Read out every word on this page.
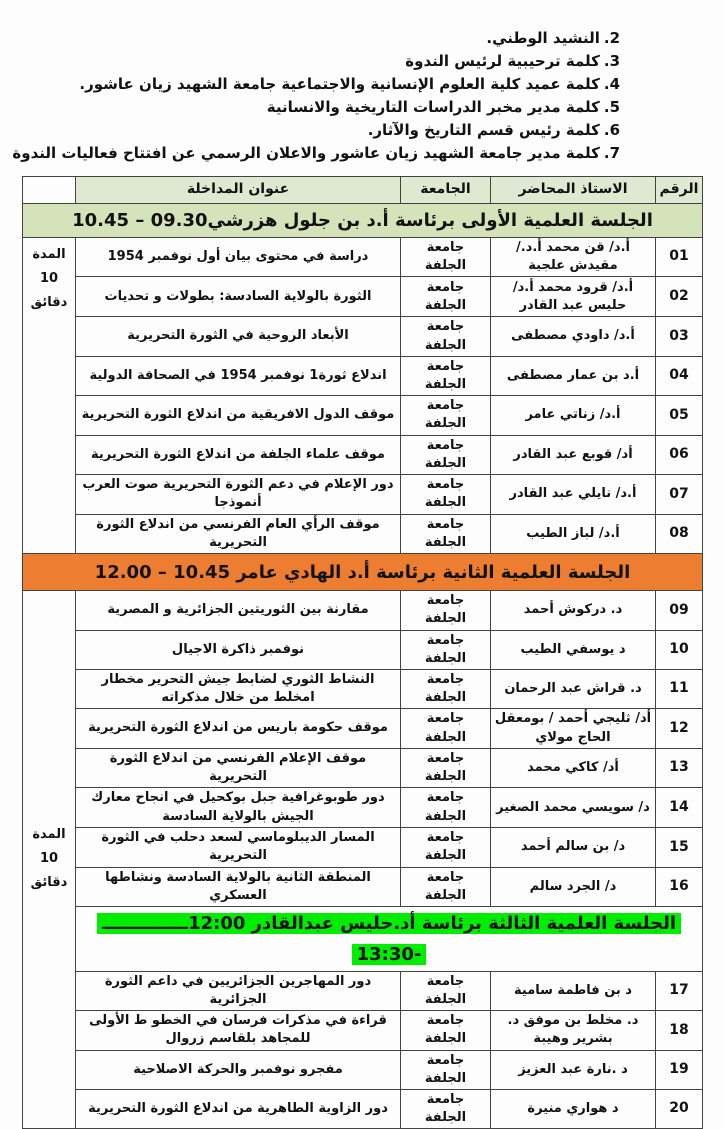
2.النشيد الوطني.
3.كلمة ترحيبية لرئيس الندوة
4.كلمة عميد كلية العلوم الإنسانية والاجتماعية جامعة الشهيد زيان عاشور.
5.كلمة مدير مخبر الدراسات التاريخية والانسانية
6.كلمة رئيس قسم التاريخ والآثار.
7.كلمة مدير جامعة الشهيد زيان عاشور والاعلان الرسمي عن افتتاح فعاليات الندوة
الرقم	الاستاذ المحاضر	الجامعة	عنوان المداخلة	
الجلسة العلمية الأولى برئاسة أ.د بن جلول هزرشي09.30 – 10.45				
01	أ.د/ قن محمد أ.د./مقيدش علجية	جامعة الجلفة	دراسة في محتوى بيان أول نوفمبر 1954	المدة 10 دقائق
02	أ.د/ قرود محمد أ.د/ حليس عبد القادر	جامعة الجلفة	الثورة بالولاية السادسة: بطولات و تحديات	
03	أ.د/ داودي مصطفى	جامعة الجلفة	الأبعاد الروحية في الثورة التحريرية	
04	أ.د بن عمار مصطفى	جامعة الجلفة	اندلاع ثورة1 نوفمبر 1954 في الصحافة الدولية	
05	أ.د/ زناتي عامر	جامعة الجلفة	موقف الدول الافريقية من اندلاع الثورة التحريرية	
06	أد/ قوبع عبد القادر	جامعة الجلفة	موقف علماء الجلفة من اندلاع الثورة التحريرية	
07	أ.د/ نايلي عبد القادر	جامعة الجلفة	دور الإعلام في دعم الثورة التحريرية صوت العرب أنموذجا	
08	أ.د/ لباز الطيب	جامعة الجلفة	موقف الرأي العام الفرنسي من اندلاع الثورة التحريرية	
الجلسة العلمية الثانية برئاسة أ.د الهادي عامر 10.45 – 12.00				
09	د. دركوش أحمد	جامعة الجلفة	مقارنة بين الثوريتين الجزائرية و المصرية	المدة 10 دقائق
10	د يوسفي الطيب	جامعة الجلفة	نوفمبر ذاكرة الاجيال	
11	د. قراش عبد الرحمان	جامعة الجلفة	النشاط الثوري لضابط جيش التحرير مخطار امخلط من خلال مذكراته	
12	أد/ ثليجي أحمد / بومعقل الحاج مولاي	جامعة الجلفة	موقف حكومة باريس من اندلاع الثورة التحريرية	
13	أد/ كاكي محمد	جامعة الجلفة	موقف الإعلام الفرنسي من اندلاع الثورة التحريرية	
14	د/ سويسي محمد الصغير	جامعة الجلفة	دور طوبوغرافية جبل بوكحيل في انجاح معارك الجيش بالولاية السادسة	
15	د/ بن سالم أحمد	جامعة الجلفة	المسار الديبلوماسي لسعد دحلب في الثورة التحريرية	
16	د/ الجرد سالم	جامعة الجلفة	المنطقة الثانية بالولاية السادسة ونشاطها العسكري	
الجلسة العلمية الثالثة برئاسة أد.حليس عبدالقادر 12:00ــــــــــــــ
-13:30				
17	د بن فاطمة سامية	جامعة الجلفة	دور المهاجرين الجزائريين في داعم الثورة الجزائرية	
18	د. مخلط بن موفق د. بشرير وهيبة	جامعة الجلفة	قراءة في مذكرات فرسان في الخطو ط الأولى للمجاهد بلقاسم زروال	
19	د .نارة عبد العزيز	جامعة الجلفة	مفجرو نوفمبر والحركة الاصلاحية	
20	د هواري منيرة	جامعة الجلفة	دور الزاوية الطاهرية من اندلاع الثورة التحريرية	
